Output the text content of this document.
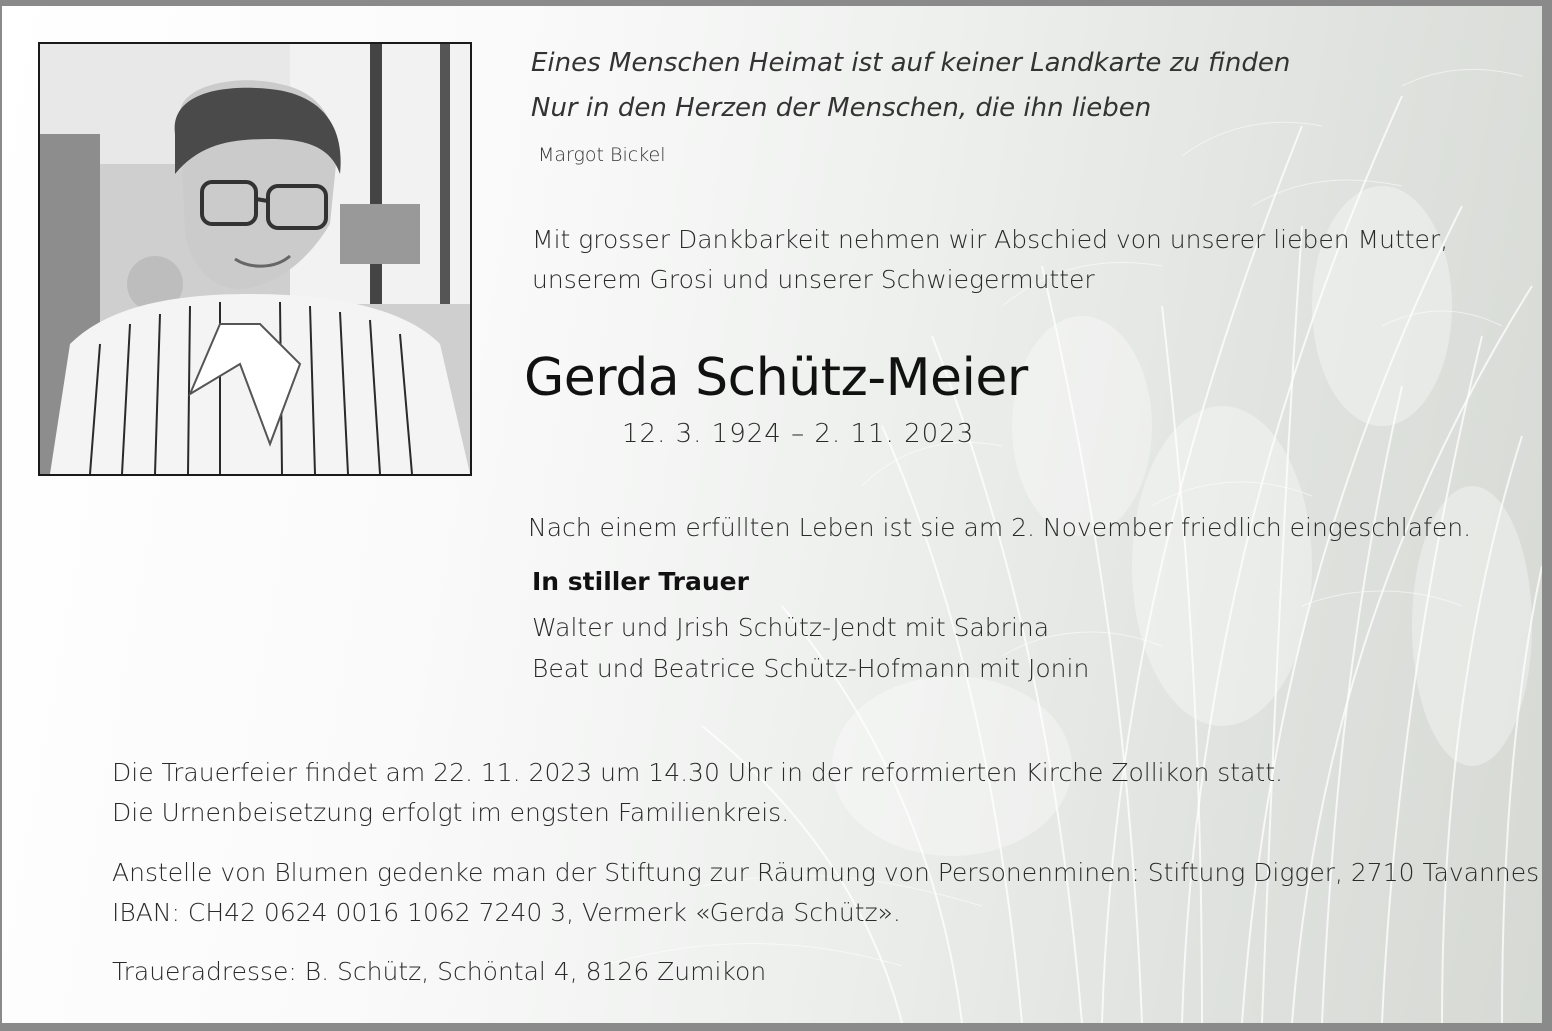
Eines Menschen Heimat ist auf keiner Landkarte zu finden
Nur in den Herzen der Menschen, die ihn lieben
Margot Bickel
Mit grosser Dankbarkeit nehmen wir Abschied von unserer lieben Mutter,
unserem Grosi und unserer Schwiegermutter
Gerda Schütz-Meier
12. 3. 1924 – 2. 11. 2023
Nach einem erfüllten Leben ist sie am 2. November friedlich eingeschlafen.
In stiller Trauer
Walter und Jrish Schütz-Jendt mit Sabrina
Beat und Beatrice Schütz-Hofmann mit Jonin
Die Trauerfeier findet am 22. 11. 2023 um 14.30 Uhr in der reformierten Kirche Zollikon statt.
Die Urnenbeisetzung erfolgt im engsten Familienkreis.
Anstelle von Blumen gedenke man der Stiftung zur Räumung von Personenminen: Stiftung Digger, 2710 Tavannes
IBAN: CH42 0624 0016 1062 7240 3, Vermerk «Gerda Schütz».
Traueradresse: B. Schütz, Schöntal 4, 8126 Zumikon
